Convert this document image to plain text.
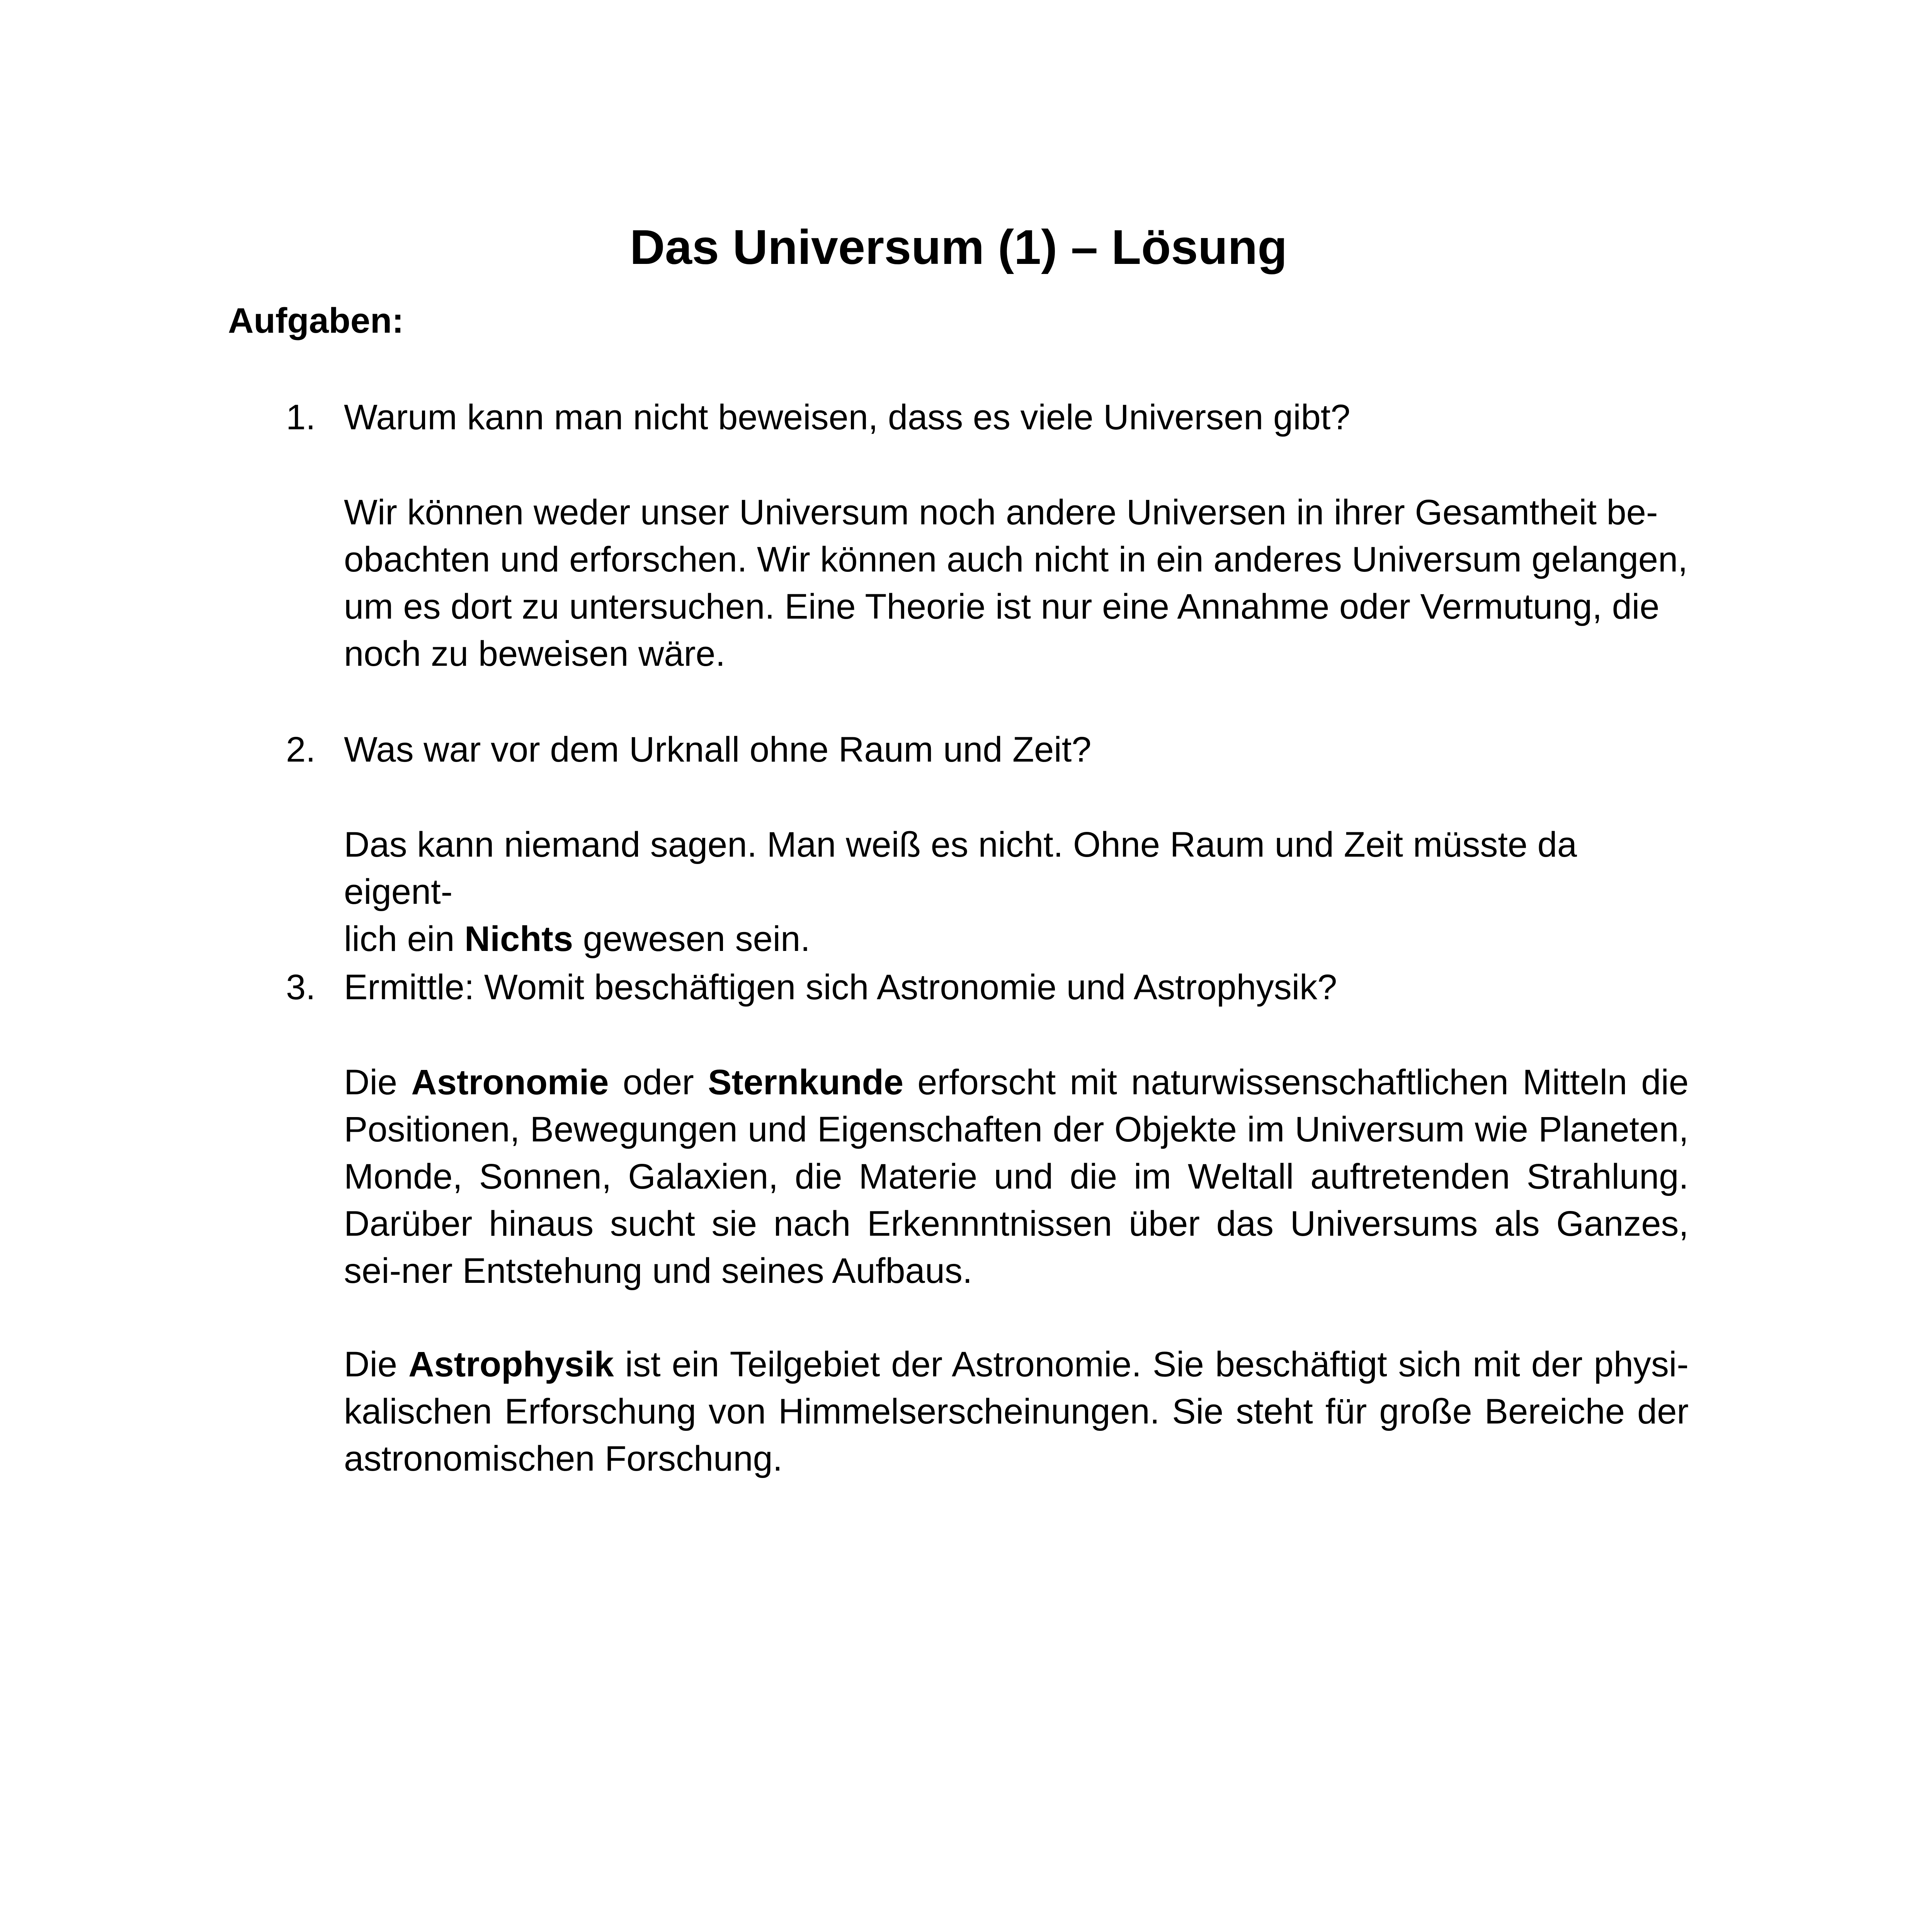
Das Universum (1) – Lösung

Aufgaben:

1. Warum kann man nicht beweisen, dass es viele Universen gibt?

Wir können weder unser Universum noch andere Universen in ihrer Gesamtheit be-
obachten und erforschen. Wir können auch nicht in ein anderes Universum gelangen,
um es dort zu untersuchen. Eine Theorie ist nur eine Annahme oder Vermutung, die
noch zu beweisen wäre.

2. Was war vor dem Urknall ohne Raum und Zeit?

Das kann niemand sagen. Man weiß es nicht. Ohne Raum und Zeit müsste da eigent-
lich ein Nichts gewesen sein.

3. Ermittle: Womit beschäftigen sich Astronomie und Astrophysik?

Die Astronomie oder Sternkunde erforscht mit naturwissenschaftlichen Mitteln die Positionen, Bewegungen und Eigenschaften der Objekte im Universum wie Planeten, Monde, Sonnen, Galaxien, die Materie und die im Weltall auftretenden Strahlung. Darüber hinaus sucht sie nach Erkennntnissen über das Universums als Ganzes, sei-ner Entstehung und seines Aufbaus.

Die Astrophysik ist ein Teilgebiet der Astronomie. Sie beschäftigt sich mit der physi-kalischen Erforschung von Himmelserscheinungen. Sie steht für große Bereiche der astronomischen Forschung.
